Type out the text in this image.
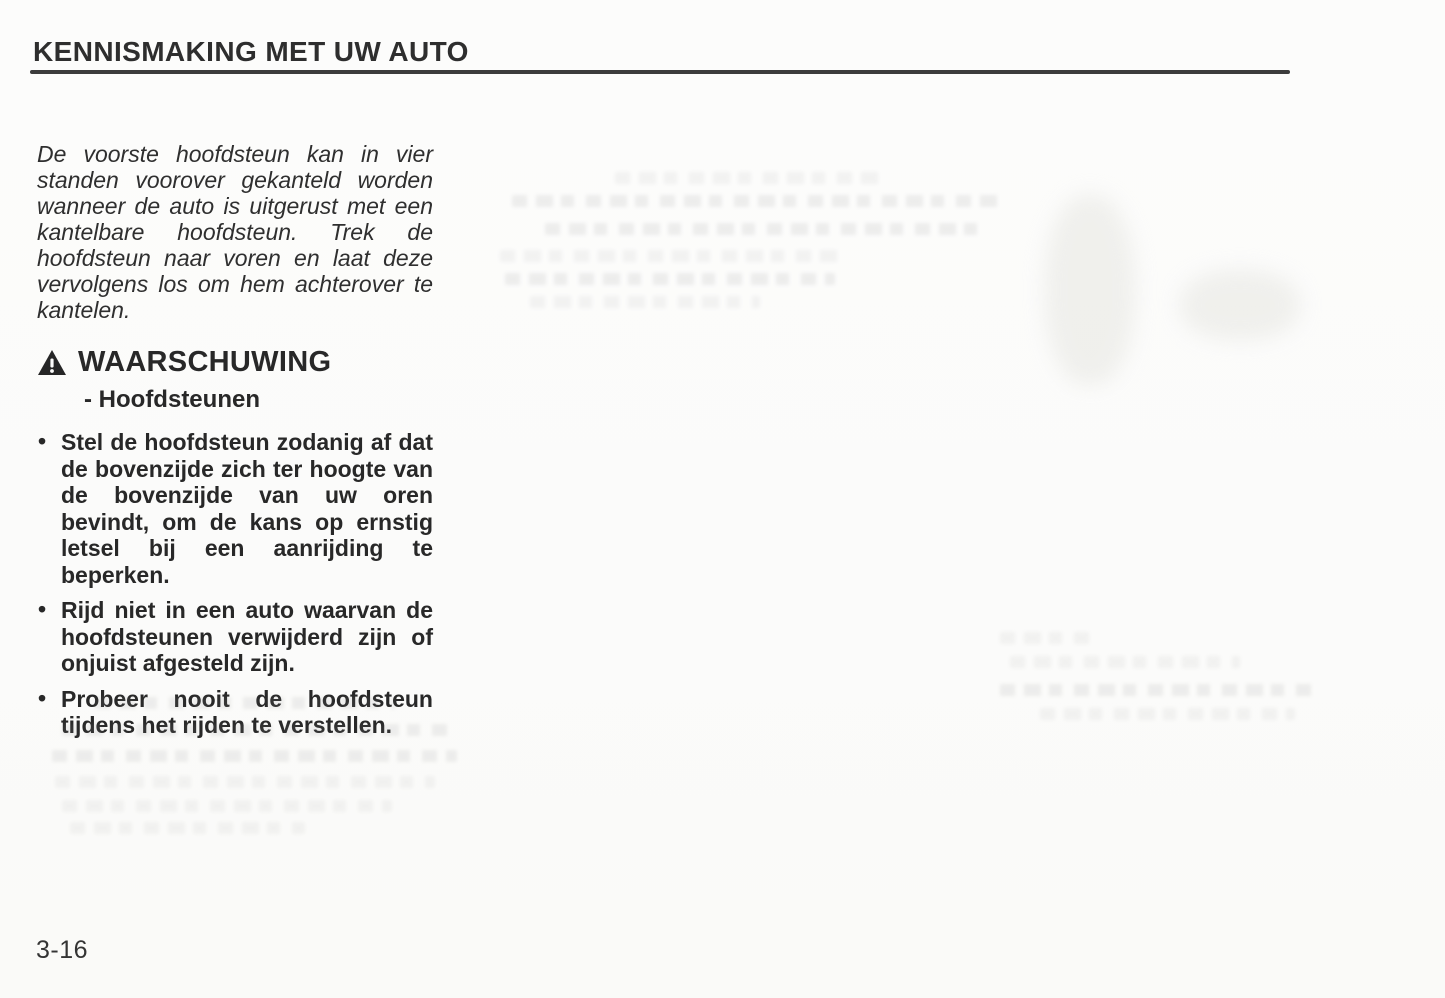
KENNISMAKING MET UW AUTO

De voorste hoofdsteun kan in vier standen voorover gekanteld worden wanneer de auto is uitgerust met een kantelbare hoofdsteun. Trek de hoofdsteun naar voren en laat deze vervolgens los om hem achterover te kantelen.

WAARSCHUWING
- Hoofdsteunen
• Stel de hoofdsteun zodanig af dat de bovenzijde zich ter hoogte van de bovenzijde van uw oren bevindt, om de kans op ernstig letsel bij een aanrijding te beperken.
• Rijd niet in een auto waarvan de hoofdsteunen verwijderd zijn of onjuist afgesteld zijn.
• Probeer nooit de hoofdsteun tijdens het rijden te verstellen.
3-16
